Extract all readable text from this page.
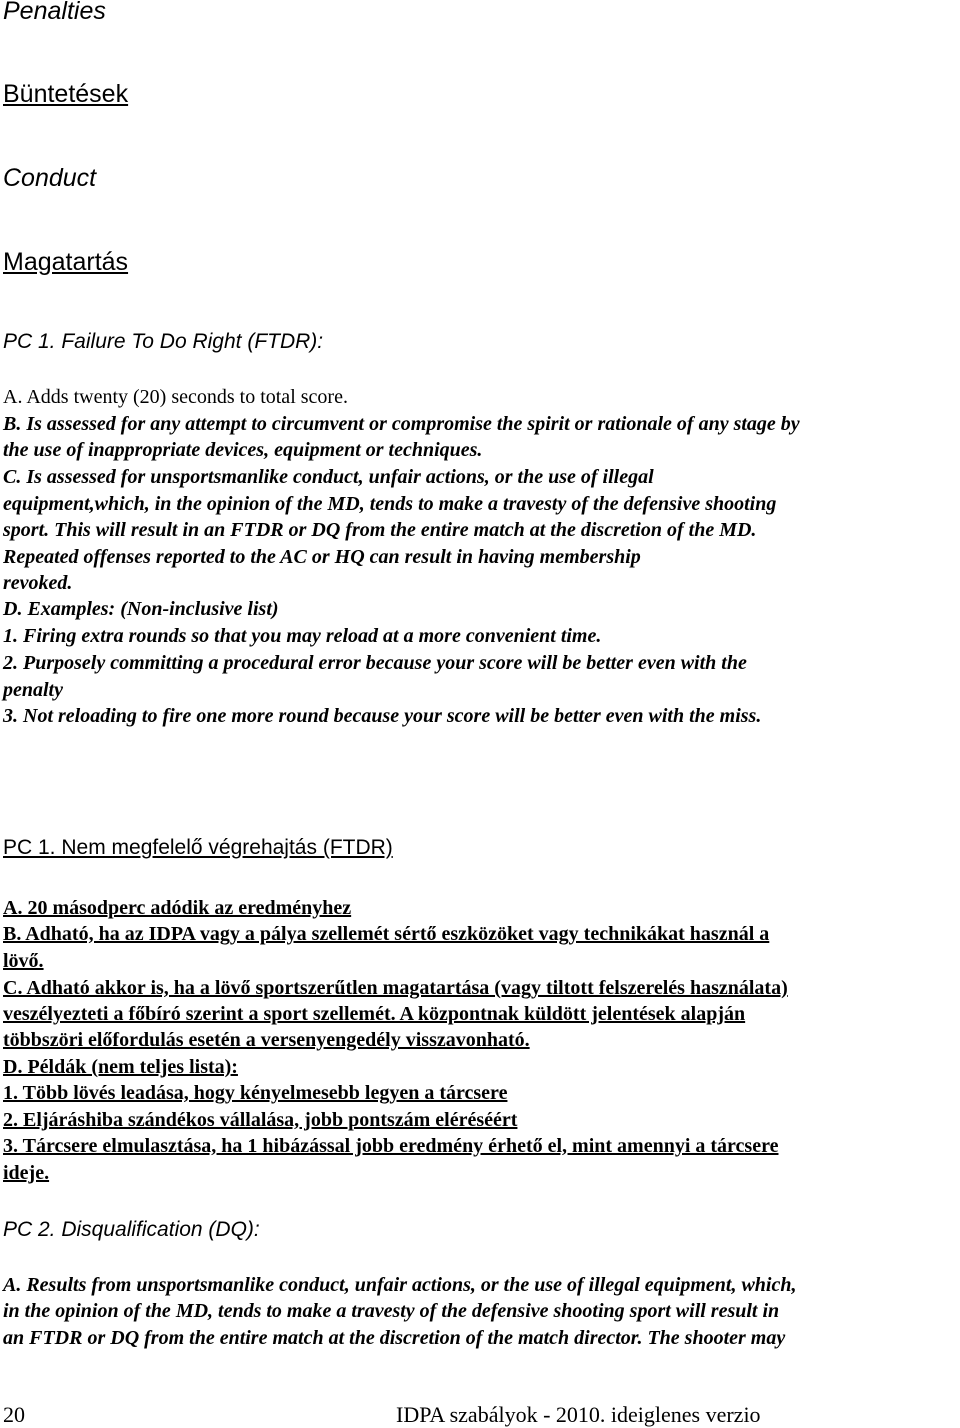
Penalties
Büntetések
Conduct
Magatartás
PC 1. Failure To Do Right (FTDR):
A. Adds twenty (20) seconds to total score.
B. Is assessed for any attempt to circumvent or compromise the spirit or rationale of any stage by
the use of inappropriate devices, equipment or techniques.
C. Is assessed for unsportsmanlike conduct, unfair actions, or the use of illegal
equipment,which, in the opinion of the MD, tends to make a travesty of the defensive shooting
sport. This will result in an FTDR or DQ from the entire match at the discretion of the MD.
Repeated offenses reported to the AC or HQ can result in having membership
revoked.
D. Examples: (Non-inclusive list)
1. Firing extra rounds so that you may reload at a more convenient time.
2. Purposely committing a procedural error because your score will be better even with the
penalty
3. Not reloading to fire one more round because your score will be better even with the miss.
PC 1. Nem megfelelő végrehajtás (FTDR)
A. 20 másodperc adódik az eredményhez
B. Adható, ha az IDPA vagy a pálya szellemét sértő eszközöket vagy technikákat használ a
lövő.
C. Adható akkor is, ha a lövő sportszerűtlen magatartása (vagy tiltott felszerelés használata)
veszélyezteti a főbíró szerint a sport szellemét. A központnak küldött jelentések alapján
többszöri előfordulás esetén a versenyengedély visszavonható.
D. Példák (nem teljes lista):
1. Több lövés leadása, hogy kényelmesebb legyen a tárcsere
2. Eljáráshiba szándékos vállalása, jobb pontszám eléréséért
3. Tárcsere elmulasztása, ha 1 hibázással jobb eredmény érhető el, mint amennyi a tárcsere
ideje.
PC 2. Disqualification (DQ):
A. Results from unsportsmanlike conduct, unfair actions, or the use of illegal equipment, which,
in the opinion of the MD, tends to make a travesty of the defensive shooting sport will result in
an FTDR or DQ from the entire match at the discretion of the match director. The shooter may
20	IDPA szabályok - 2010. ideiglenes verzio
